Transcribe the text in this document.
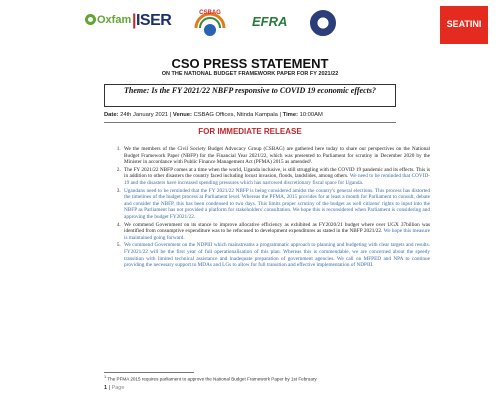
Oxfam |ISER	CSBAG
EFRA	SEATINI
CSO PRESS STATEMENT
ON THE NATIONAL BUDGET FRAMEWORK PAPER FOR FY 2021/22
Theme: Is the FY 2021/22 NBFP responsive to COVID 19 economic effects?
Date: 24th January 2021 | Venue: CSBAG Offices, Ntinda Kampala | Time: 10:00AM
FOR IMMEDIATE RELEASE
1. We the members of the Civil Society Budget Advocacy Group (CSBAG) are gathered here today to share our perspectives on the National Budget Framework Paper (NBFP) for the Financial Year 2021/22, which was presented to Parliament for scrutiny in December 2020 by the Minister in accordance with Public Finance Management Act (PFMA) 2015 as amended¹.
2. The FY 2021/22 NBFP comes at a time when the world, Uganda inclusive, is still struggling with the COVID 19 pandemic and its effects. This is in addition to other disasters the country faced including locust invasion, floods, landslides, among others. We need to be reminded that COVID-19 and the disasters have increased spending pressures which has narrowed discretionary fiscal space for Uganda.
3. Ugandans need to be reminded that the FY 2021/22 NBFP is being considered amidst the country's general elections. This process has distorted the timelines of the budget process at Parliament level. Whereas the PFMA, 2015 provides for at least a month for Parliament to consult, debate and consider the NBFP, this has been condensed to two days. This limits proper scrutiny of the budget as well citizens' rights to input into the NBFP as Parliament has not provided a platform for stakeholders' consultation. We hope this is reconsidered when Parliament is considering and approving the budget FY2021/22.
4. We commend Government on its stance to improve allocative efficiency as exhibited as FY2020/21 budget where over UGX 37billion was identified from consumptive expenditure was to be refocused to development expenditures as stated in the NBFP 2021/22. We hope this measure is maintained going forward.
5. We commend Government on the NDPIII which mainstreams a programmatic approach to planning and budgeting with clear targets and results. FY2021/22 will be the first year of full operationalisation of this plan. Whereas this is commendable, we are concerned about the speedy transition with limited technical assistance and inadequate preparation of government agencies. We call on MFPED and NPA to continue providing the necessary support to MDAs and LGs to allow for full transition and effective implementation of NDPIII.
$^1$ The PFMA 2015 requires parliament to approve the National Budget Framework Paper by 1st February
1 | Page
